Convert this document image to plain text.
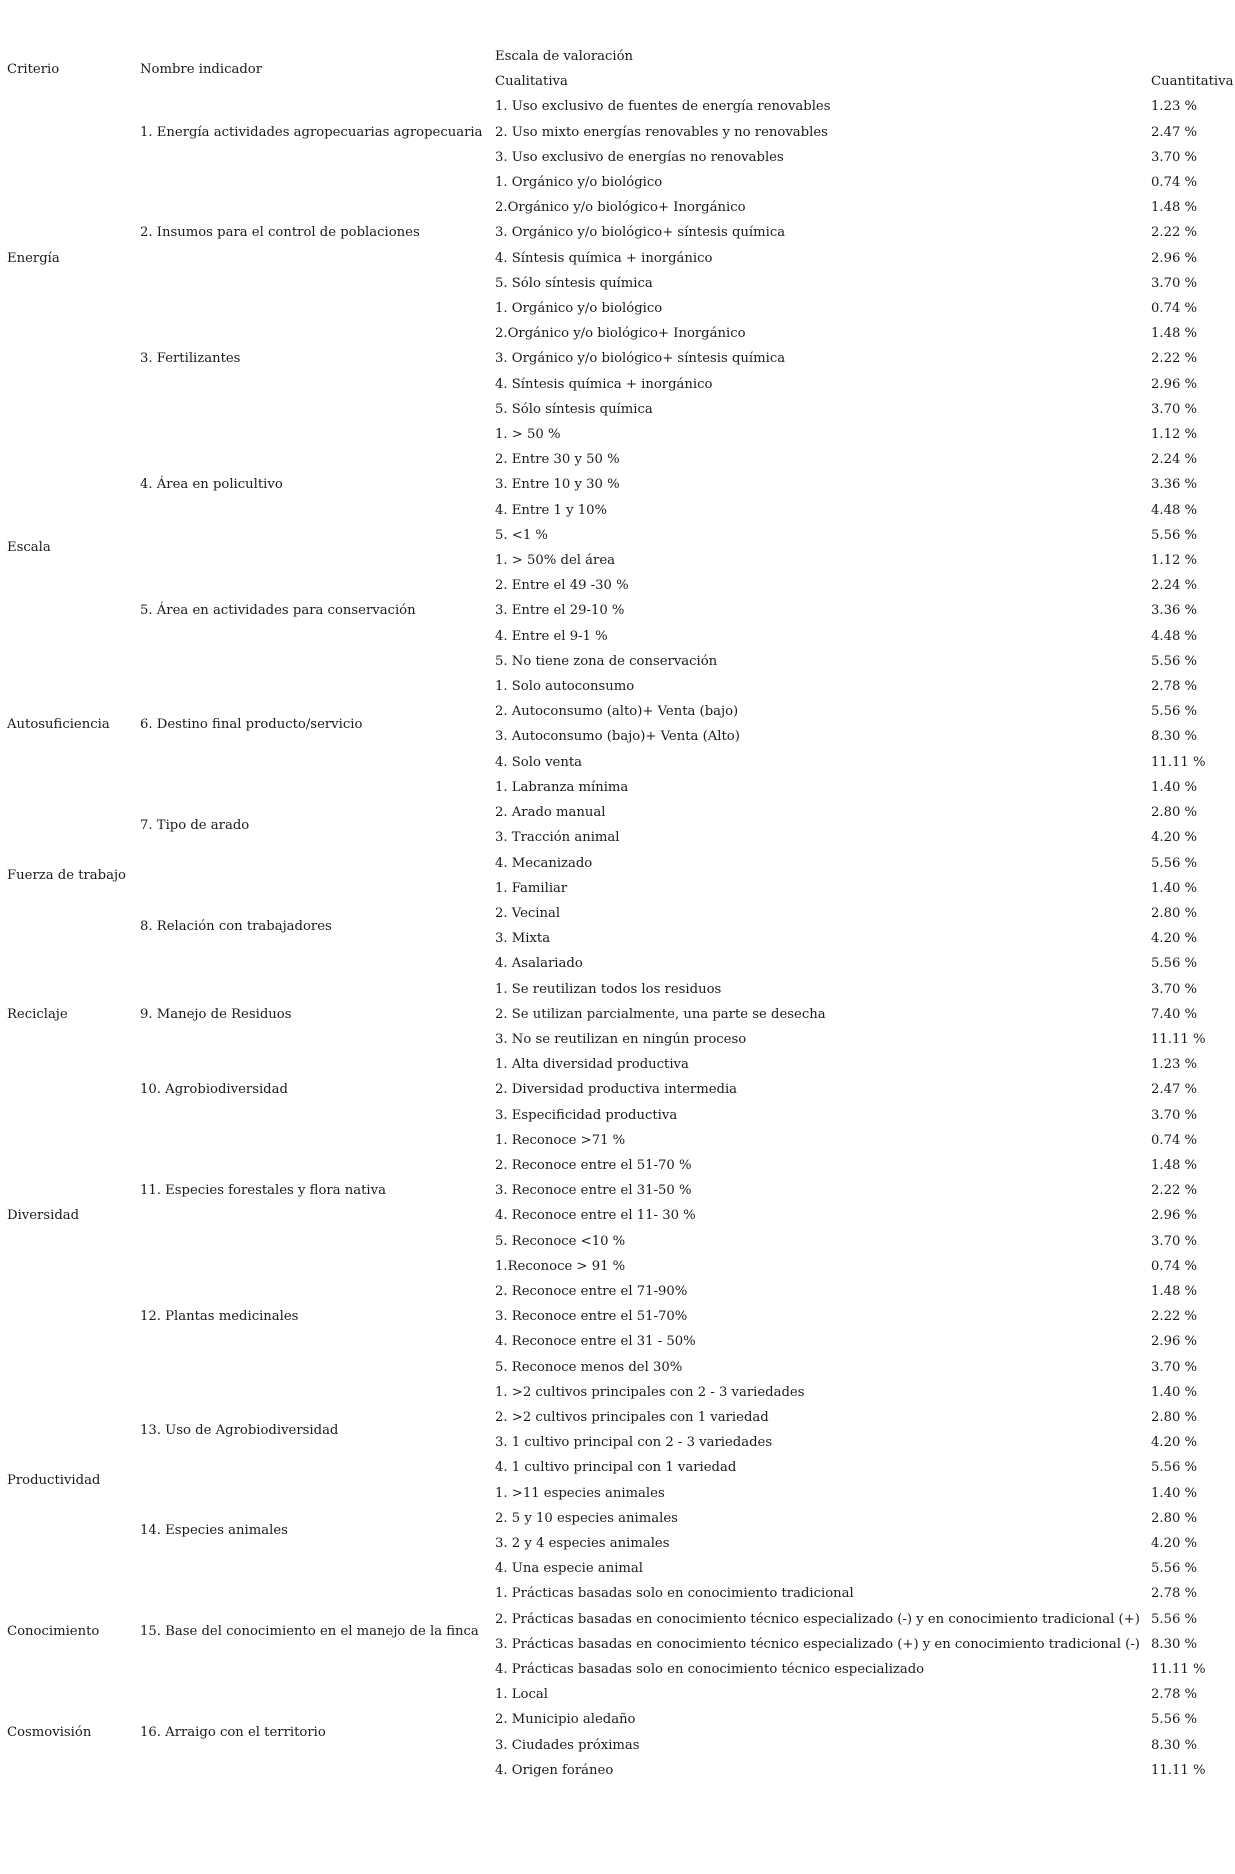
Criterio	Nombre indicador	Escala de valoración	
		Cualitativa	Cuantitativa
Energía	1. Energía actividades agropecuarias agropecuaria	1. Uso exclusivo de fuentes de energía renovables	1.23 %
		2. Uso mixto energías renovables y no renovables	2.47 %
		3. Uso exclusivo de energías no renovables	3.70 %
	2. Insumos para el control de poblaciones	1. Orgánico y/o biológico	0.74 %
		2.Orgánico y/o biológico+ Inorgánico	1.48 %
		3. Orgánico y/o biológico+ síntesis química	2.22 %
		4. Síntesis química + inorgánico	2.96 %
		5. Sólo síntesis química	3.70 %
	3. Fertilizantes	1. Orgánico y/o biológico	0.74 %
		2.Orgánico y/o biológico+ Inorgánico	1.48 %
		3. Orgánico y/o biológico+ síntesis química	2.22 %
		4. Síntesis química + inorgánico	2.96 %
		5. Sólo síntesis química	3.70 %
Escala	4. Área en policultivo	1. > 50 %	1.12 %
		2. Entre 30 y 50 %	2.24 %
		3. Entre 10 y 30 %	3.36 %
		4. Entre 1 y 10%	4.48 %
		5. <1 %	5.56 %
	5. Área en actividades para conservación	1. > 50% del área	1.12 %
		2. Entre el 49 -30 %	2.24 %
		3. Entre el 29-10 %	3.36 %
		4. Entre el 9-1 %	4.48 %
		5. No tiene zona de conservación	5.56 %
Autosuficiencia	6. Destino final producto/servicio	1. Solo autoconsumo	2.78 %
		2. Autoconsumo (alto)+ Venta (bajo)	5.56 %
		3. Autoconsumo (bajo)+ Venta (Alto)	8.30 %
		4. Solo venta	11.11 %
Fuerza de trabajo	7. Tipo de arado	1. Labranza mínima	1.40 %
		2. Arado manual	2.80 %
		3. Tracción animal	4.20 %
		4. Mecanizado	5.56 %
	8. Relación con trabajadores	1. Familiar	1.40 %
		2. Vecinal	2.80 %
		3. Mixta	4.20 %
		4. Asalariado	5.56 %
Reciclaje	9. Manejo de Residuos	1. Se reutilizan todos los residuos	3.70 %
		2. Se utilizan parcialmente, una parte se desecha	7.40 %
		3. No se reutilizan en ningún proceso	11.11 %
Diversidad	10. Agrobiodiversidad	1. Alta diversidad productiva	1.23 %
		2. Diversidad productiva intermedia	2.47 %
		3. Especificidad productiva	3.70 %
	11. Especies forestales y flora nativa	1. Reconoce >71 %	0.74 %
		2. Reconoce entre el 51-70 %	1.48 %
		3. Reconoce entre el 31-50 %	2.22 %
		4. Reconoce entre el 11- 30 %	2.96 %
		5. Reconoce <10 %	3.70 %
	12. Plantas medicinales	1.Reconoce > 91 %	0.74 %
		2. Reconoce entre el 71-90%	1.48 %
		3. Reconoce entre el 51-70%	2.22 %
		4. Reconoce entre el 31 - 50%	2.96 %
		5. Reconoce menos del 30%	3.70 %
Productividad	13. Uso de Agrobiodiversidad	1. >2 cultivos principales con 2 - 3 variedades	1.40 %
		2. >2 cultivos principales con 1 variedad	2.80 %
		3. 1 cultivo principal con 2 - 3 variedades	4.20 %
		4. 1 cultivo principal con 1 variedad	5.56 %
	14. Especies animales	1. >11 especies animales	1.40 %
		2. 5 y 10 especies animales	2.80 %
		3. 2 y 4 especies animales	4.20 %
		4. Una especie animal	5.56 %
Conocimiento	15. Base del conocimiento en el manejo de la finca	1. Prácticas basadas solo en conocimiento tradicional	2.78 %
		2. Prácticas basadas en conocimiento técnico especializado (-) y en conocimiento tradicional (+)	5.56 %
		3. Prácticas basadas en conocimiento técnico especializado (+) y en conocimiento tradicional (-)	8.30 %
		4. Prácticas basadas solo en conocimiento técnico especializado	11.11 %
Cosmovisión	16. Arraigo con el territorio	1. Local	2.78 %
		2. Municipio aledaño	5.56 %
		3. Ciudades próximas	8.30 %
		4. Origen foráneo	11.11 %
